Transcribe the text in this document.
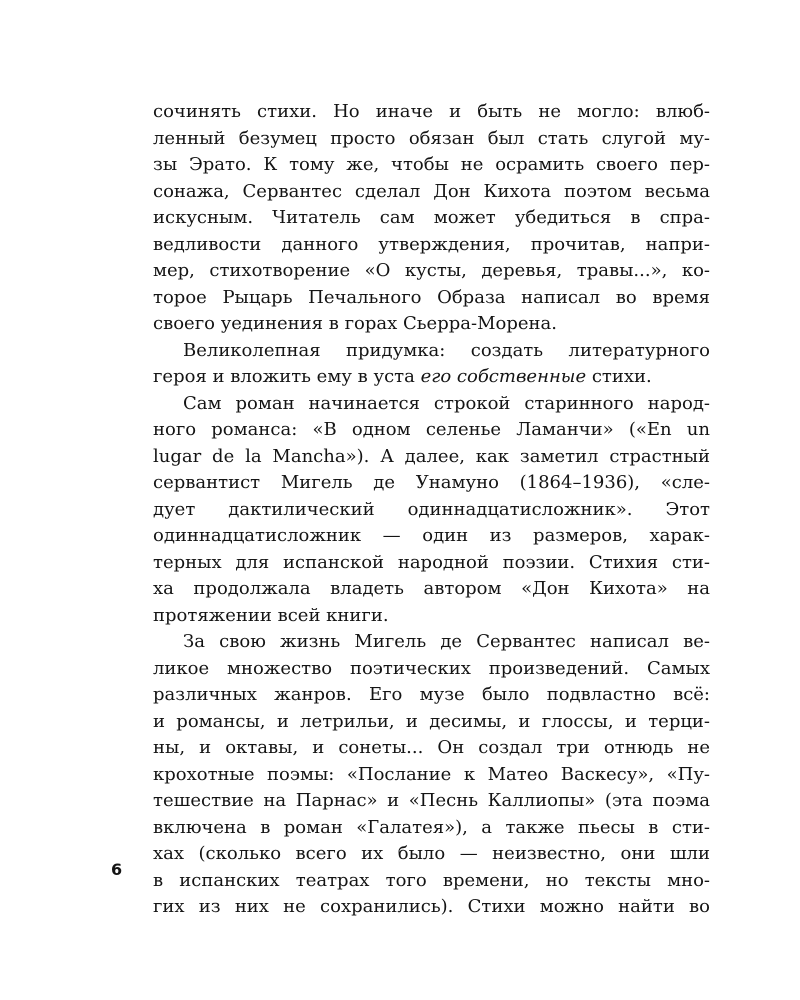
сочинять стихи. Но иначе и быть не могло: влюб-
ленный безумец просто обязан был стать слугой му-
зы Эрато. К тому же, чтобы не осрамить своего пер-
сонажа, Сервантес сделал Дон Кихота поэтом весьма
искусным. Читатель сам может убедиться в спра-
ведливости данного утверждения, прочитав, напри-
мер, стихотворение «О кусты, деревья, травы...», ко-
торое Рыцарь Печального Образа написал во время
своего уединения в горах Сьерра-Морена.
Великолепная придумка: создать литературного
героя и вложить ему в уста его собственные стихи.
Сам роман начинается строкой старинного народ-
ного романса: «В одном селенье Ламанчи» («En un
lugar de la Mancha»). А далее, как заметил страстный
сервантист Мигель де Унамуно (1864–1936), «сле-
дует дактилический одиннадцатисложник». Этот
одиннадцатисложник — один из размеров, харак-
терных для испанской народной поэзии. Стихия сти-
ха продолжала владеть автором «Дон Кихота» на
протяжении всей книги.
За свою жизнь Мигель де Сервантес написал ве-
ликое множество поэтических произведений. Самых
различных жанров. Его музе было подвластно всё:
и романсы, и летрильи, и десимы, и глоссы, и терци-
ны, и октавы, и сонеты... Он создал три отнюдь не
крохотные поэмы: «Послание к Матео Васкесу», «Пу-
тешествие на Парнас» и «Песнь Каллиопы» (эта поэма
включена в роман «Галатея»), а также пьесы в сти-
хах (сколько всего их было — неизвестно, они шли
в испанских театрах того времени, но тексты мно-
гих из них не сохранились). Стихи можно найти во
6
